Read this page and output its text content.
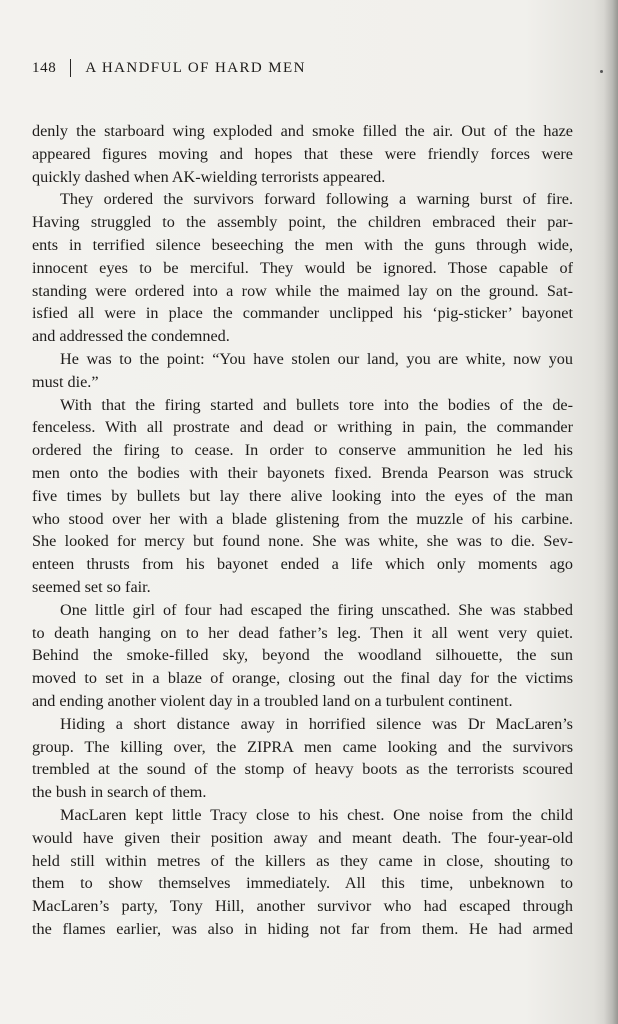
148 A HANDFUL OF HARD MEN

denly the starboard wing exploded and smoke filled the air. Out of the haze
appeared figures moving and hopes that these were friendly forces were
quickly dashed when AK-wielding terrorists appeared.

They ordered the survivors forward following a warning burst of fire.
Having struggled to the assembly point, the children embraced their par-
ents in terrified silence beseeching the men with the guns through wide,
innocent eyes to be merciful. They would be ignored. Those capable of
standing were ordered into a row while the maimed lay on the ground. Sat-
isfied all were in place the commander unclipped his ‘pig-sticker’ bayonet
and addressed the condemned.

He was to the point: “You have stolen our land, you are white, now you
must die.”

With that the firing started and bullets tore into the bodies of the de-
fenceless. With all prostrate and dead or writhing in pain, the commander
ordered the firing to cease. In order to conserve ammunition he led his
men onto the bodies with their bayonets fixed. Brenda Pearson was struck
five times by bullets but lay there alive looking into the eyes of the man
who stood over her with a blade glistening from the muzzle of his carbine.
She looked for mercy but found none. She was white, she was to die. Sev-
enteen thrusts from his bayonet ended a life which only moments ago
seemed set so fair.

One little girl of four had escaped the firing unscathed. She was stabbed
to death hanging on to her dead father’s leg. Then it all went very quiet.
Behind the smoke-filled sky, beyond the woodland silhouette, the sun
moved to set in a blaze of orange, closing out the final day for the victims
and ending another violent day in a troubled land on a turbulent continent.

Hiding a short distance away in horrified silence was Dr MacLaren’s
group. The killing over, the ZIPRA men came looking and the survivors
trembled at the sound of the stomp of heavy boots as the terrorists scoured
the bush in search of them.

MacLaren kept little Tracy close to his chest. One noise from the child
would have given their position away and meant death. The four-year-old
held still within metres of the killers as they came in close, shouting to
them to show themselves immediately. All this time, unbeknown to
MacLaren’s party, Tony Hill, another survivor who had escaped through
the flames earlier, was also in hiding not far from them. He had armed
